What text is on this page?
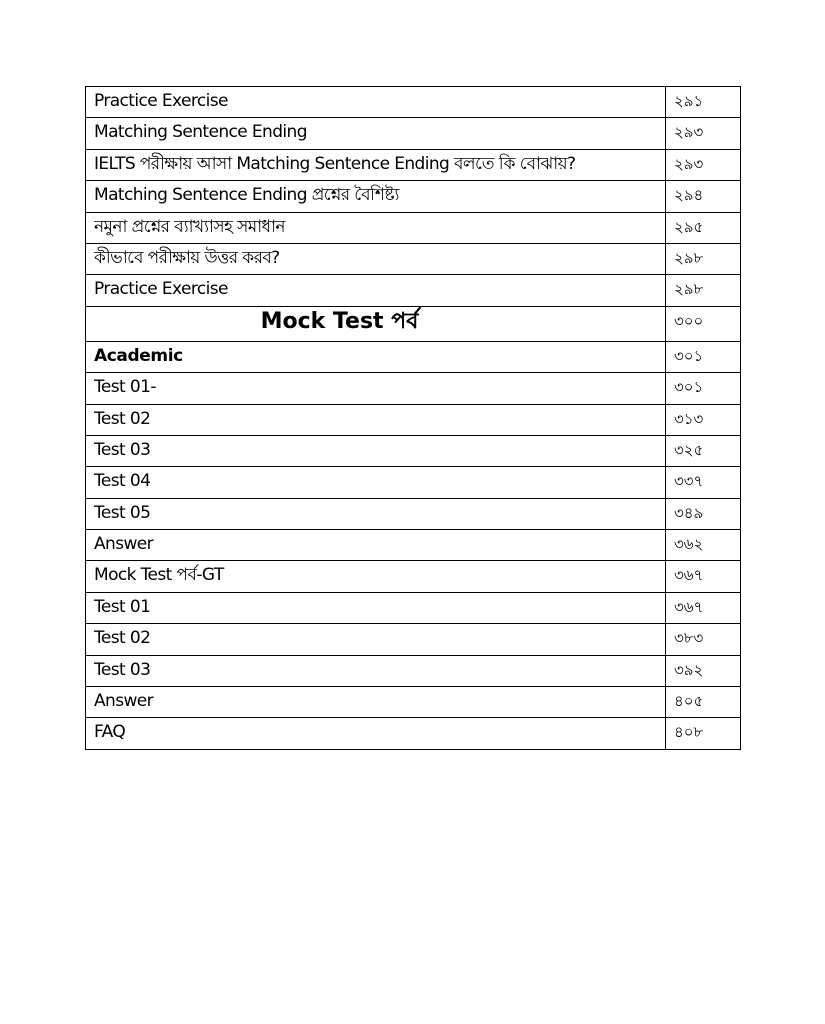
Practice Exercise	২৯১
Matching Sentence Ending	২৯৩
IELTS পরীক্ষায় আসা Matching Sentence Ending বলতে কি বোঝায়?	২৯৩
Matching Sentence Ending প্রশ্নের বৈশিষ্ট্য	২৯৪
নমুনা প্রশ্নের ব্যাখ্যাসহ সমাধান	২৯৫
কীভাবে পরীক্ষায় উত্তর করব?	২৯৮
Practice Exercise	২৯৮
Mock Test পর্ব	৩০০
Academic	৩০১
Test 01-	৩০১
Test 02	৩১৩
Test 03	৩২৫
Test 04	৩৩৭
Test 05	৩৪৯
Answer	৩৬২
Mock Test পর্ব-GT	৩৬৭
Test 01	৩৬৭
Test 02	৩৮৩
Test 03	৩৯২
Answer	৪০৫
FAQ	৪০৮
